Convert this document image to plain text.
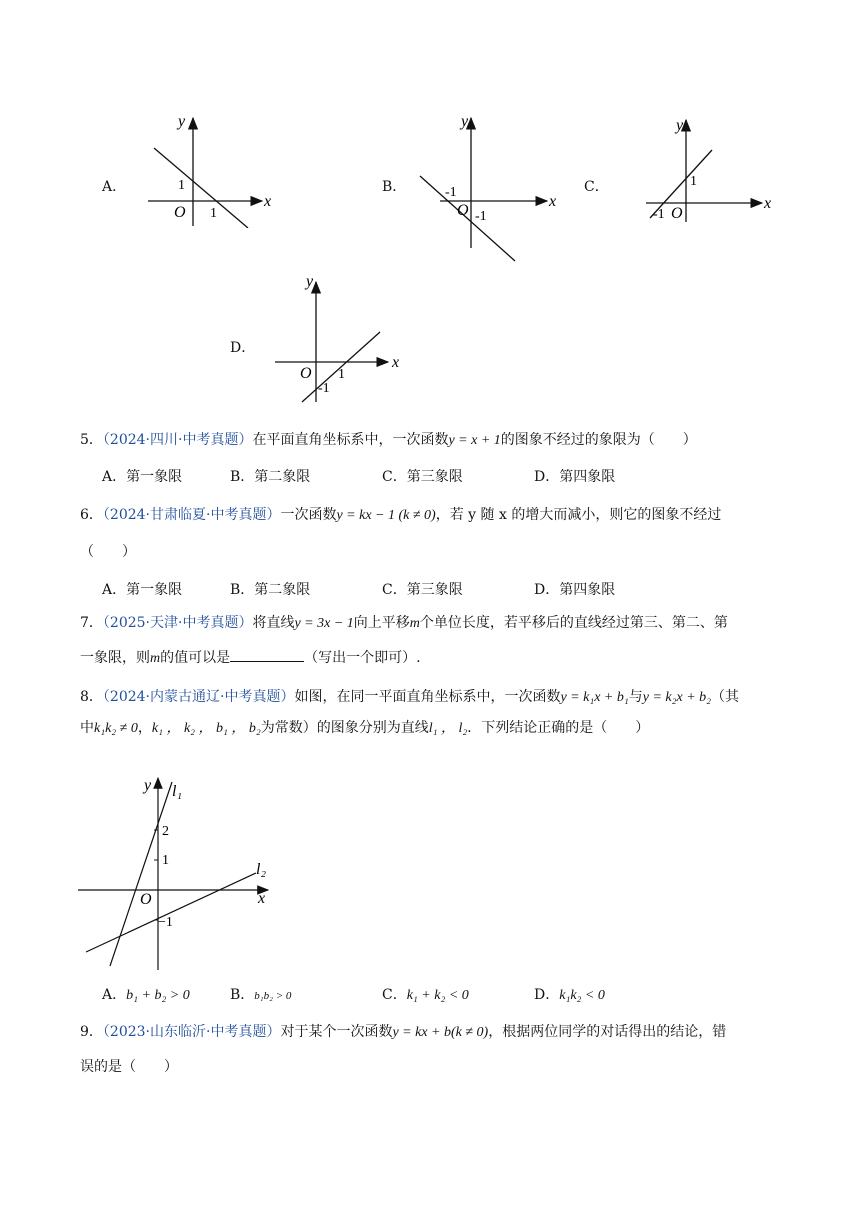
A．
y
x
O
1
1
B．
y
x
O
-1
-1
C．
y
x
O
1
-1
D．
y
x
O 1
-1
5．（2024·四川·中考真题）在平面直角坐标系中，一次函数y = x + 1的图象不经过的象限为（　　）
A．第一象限	B．第二象限	C．第三象限	D．第四象限
6．（2024·甘肃临夏·中考真题）一次函数y = kx − 1 (k ≠ 0)，若 y 随 x 的增大而减小，则它的图象不经过
（　　）
A．第一象限	B．第二象限	C．第三象限	D．第四象限
7．（2025·天津·中考真题）将直线y = 3x − 1向上平移m个单位长度，若平移后的直线经过第三、第二、第
一象限，则m的值可以是	（写出一个即可）.
8．（2024·内蒙古通辽·中考真题）如图，在同一平面直角坐标系中，一次函数y = k₁x + b₁与y = k₂x + b₂（其
中k₁k₂ ≠ 0，k₁ ， k₂ ， b₁ ， b₂为常数）的图象分别为直线l₁ ， l₂．下列结论正确的是（　　）
y
x
O
l₁
l₂
2
1
−1
A．b₁ + b₂ > 0	B．b₁b₂ > 0	C．k₁ + k₂ < 0	D．k₁k₂ < 0
9．（2023·山东临沂·中考真题）对于某个一次函数y = kx + b(k ≠ 0)，根据两位同学的对话得出的结论，错
误的是（　　）
